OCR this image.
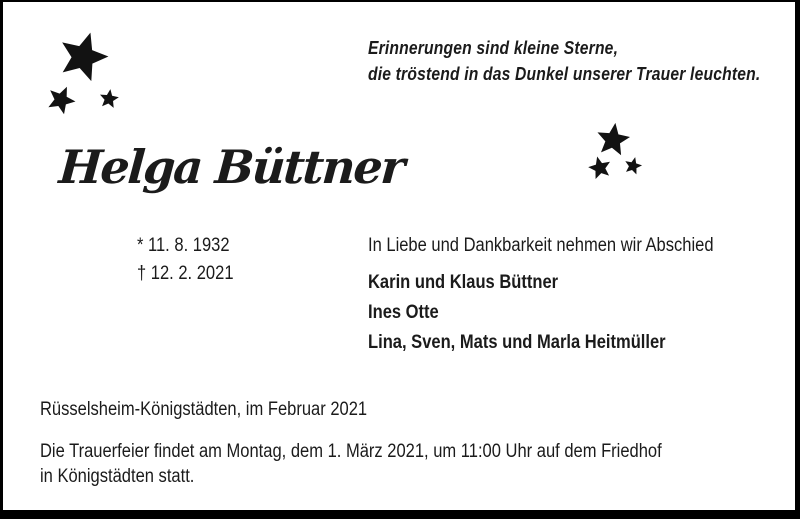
Erinnerungen sind kleine Sterne,
die tröstend in das Dunkel unserer Trauer leuchten.
Helga Büttner
* 11. 8. 1932
† 12. 2. 2021
In Liebe und Dankbarkeit nehmen wir Abschied
Karin und Klaus Büttner
Ines Otte
Lina, Sven, Mats und Marla Heitmüller
Rüsselsheim-Königstädten, im Februar 2021
Die Trauerfeier findet am Montag, dem 1. März 2021, um 11:00 Uhr auf dem Friedhof
in Königstädten statt.
